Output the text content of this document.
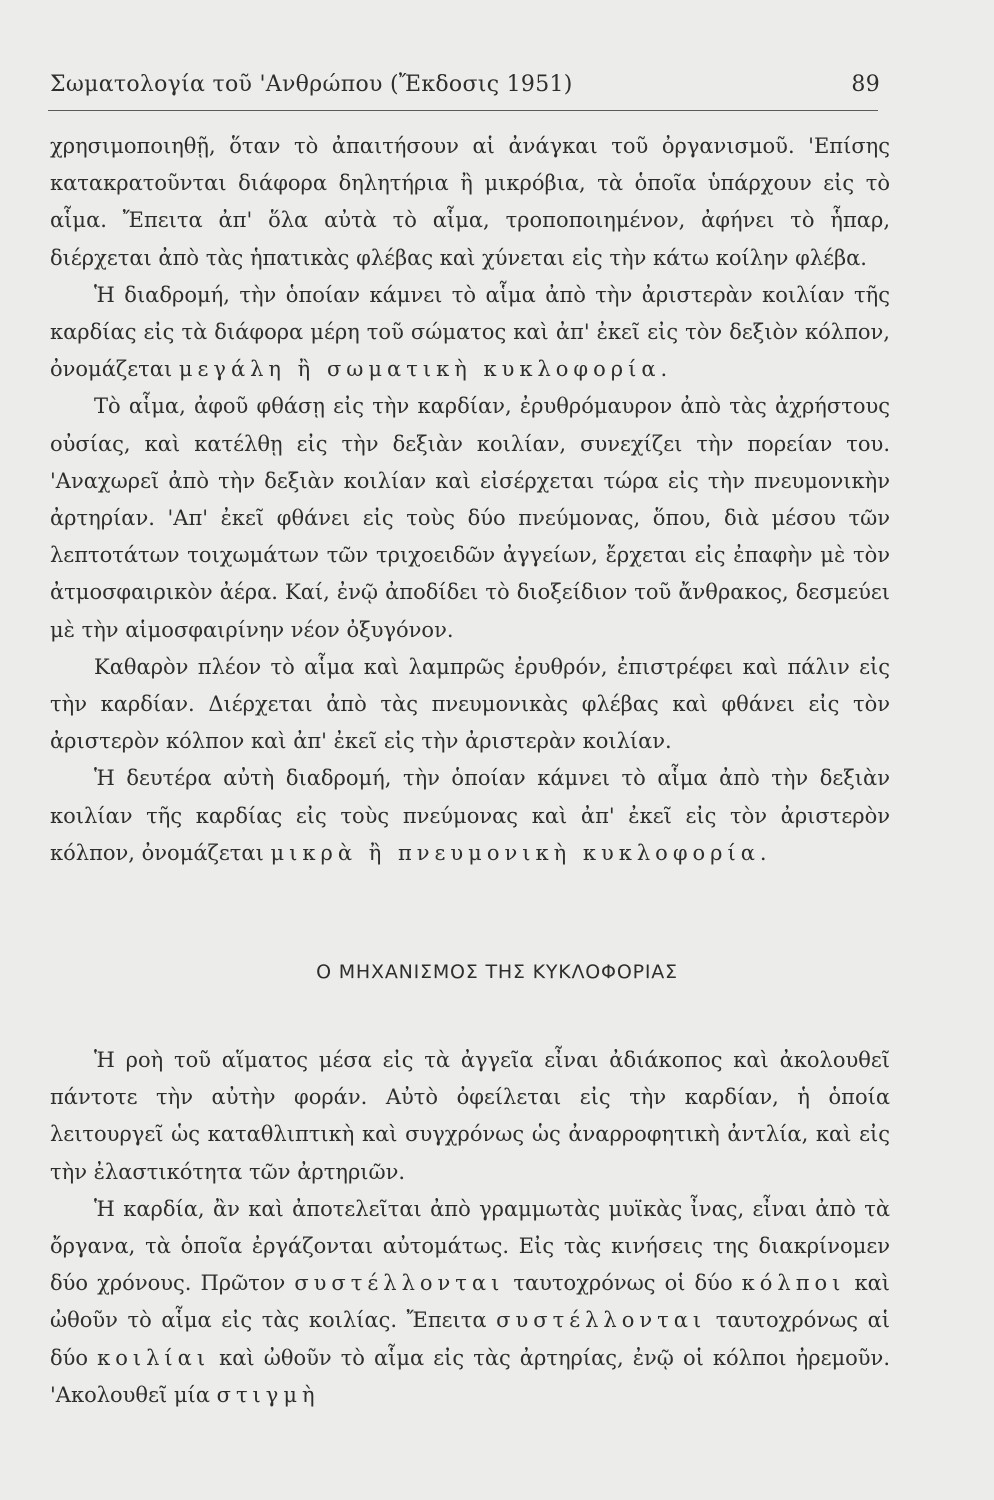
Σωματολογία τοῦ 'Ανθρώπου (Ἔκδοσις 1951)	89

χρησιμοποιηθῇ, ὅταν τὸ ἀπαιτήσουν αἱ ἀνάγκαι τοῦ ὀργανισμοῦ. 'Επίσης κατακρατοῦνται διάφορα δηλητήρια ἢ μικρόβια, τὰ ὁποῖα ὑπάρχουν εἰς τὸ αἷμα. Ἔπειτα ἀπ' ὅλα αὐτὰ τὸ αἷμα, τροποποιημένον, ἀφήνει τὸ ἧπαρ, διέρχεται ἀπὸ τὰς ἡπατικὰς φλέβας καὶ χύνεται εἰς τὴν κάτω κοίλην φλέβα.

Ἡ διαδρομή, τὴν ὁποίαν κάμνει τὸ αἷμα ἀπὸ τὴν ἀριστερὰν κοιλίαν τῆς καρδίας εἰς τὰ διάφορα μέρη τοῦ σώματος καὶ ἀπ' ἐκεῖ εἰς τὸν δεξιὸν κόλπον, ὀνομάζεται μεγάλη ἢ σωματικὴ κυκλοφορία.

Τὸ αἷμα, ἀφοῦ φθάσῃ εἰς τὴν καρδίαν, ἐρυθρόμαυρον ἀπὸ τὰς ἀχρήστους οὐσίας, καὶ κατέλθῃ εἰς τὴν δεξιὰν κοιλίαν, συνεχίζει τὴν πορείαν του. 'Αναχωρεῖ ἀπὸ τὴν δεξιὰν κοιλίαν καὶ εἰσέρχεται τώρα εἰς τὴν πνευμονικὴν ἀρτηρίαν. 'Απ' ἐκεῖ φθάνει εἰς τοὺς δύο πνεύμονας, ὅπου, διὰ μέσου τῶν λεπτοτάτων τοιχωμάτων τῶν τριχοειδῶν ἀγγείων, ἔρχεται εἰς ἐπαφὴν μὲ τὸν ἀτμοσφαιρικὸν ἀέρα. Καί, ἐνῷ ἀποδίδει τὸ διοξείδιον τοῦ ἄνθρακος, δεσμεύει μὲ τὴν αἱμοσφαιρίνην νέον ὀξυγόνον.

Καθαρὸν πλέον τὸ αἷμα καὶ λαμπρῶς ἐρυθρόν, ἐπιστρέφει καὶ πάλιν εἰς τὴν καρδίαν. Διέρχεται ἀπὸ τὰς πνευμονικὰς φλέβας καὶ φθάνει εἰς τὸν ἀριστερὸν κόλπον καὶ ἀπ' ἐκεῖ εἰς τὴν ἀριστερὰν κοιλίαν.

Ἡ δευτέρα αὐτὴ διαδρομή, τὴν ὁποίαν κάμνει τὸ αἷμα ἀπὸ τὴν δεξιὰν κοιλίαν τῆς καρδίας εἰς τοὺς πνεύμονας καὶ ἀπ' ἐκεῖ εἰς τὸν ἀριστερὸν κόλπον, ὀνομάζεται μικρὰ ἢ πνευμονικὴ κυκλοφορία.

Ο ΜΗΧΑΝΙΣΜΟΣ ΤΗΣ ΚΥΚΛΟΦΟΡΙΑΣ

Ἡ ροὴ τοῦ αἵματος μέσα εἰς τὰ ἀγγεῖα εἶναι ἀδιάκοπος καὶ ἀκολουθεῖ πάντοτε τὴν αὐτὴν φοράν. Αὐτὸ ὀφείλεται εἰς τὴν καρδίαν, ἡ ὁποία λειτουργεῖ ὡς καταθλιπτικὴ καὶ συγχρόνως ὡς ἀναρροφητικὴ ἀντλία, καὶ εἰς τὴν ἐλαστικότητα τῶν ἀρτηριῶν.

Ἡ καρδία, ἂν καὶ ἀποτελεῖται ἀπὸ γραμμωτὰς μυϊκὰς ἶνας, εἶναι ἀπὸ τὰ ὄργανα, τὰ ὁποῖα ἐργάζονται αὐτομάτως. Εἰς τὰς κινήσεις της διακρίνομεν δύο χρόνους. Πρῶτον συστέλλονται ταυτοχρόνως οἱ δύο κόλποι καὶ ὠθοῦν τὸ αἷμα εἰς τὰς κοιλίας. Ἔπειτα συστέλλονται ταυτοχρόνως αἱ δύο κοιλίαι καὶ ὠθοῦν τὸ αἷμα εἰς τὰς ἀρτηρίας, ἐνῷ οἱ κόλποι ἠρεμοῦν. 'Ακολουθεῖ μία στιγμὴ
